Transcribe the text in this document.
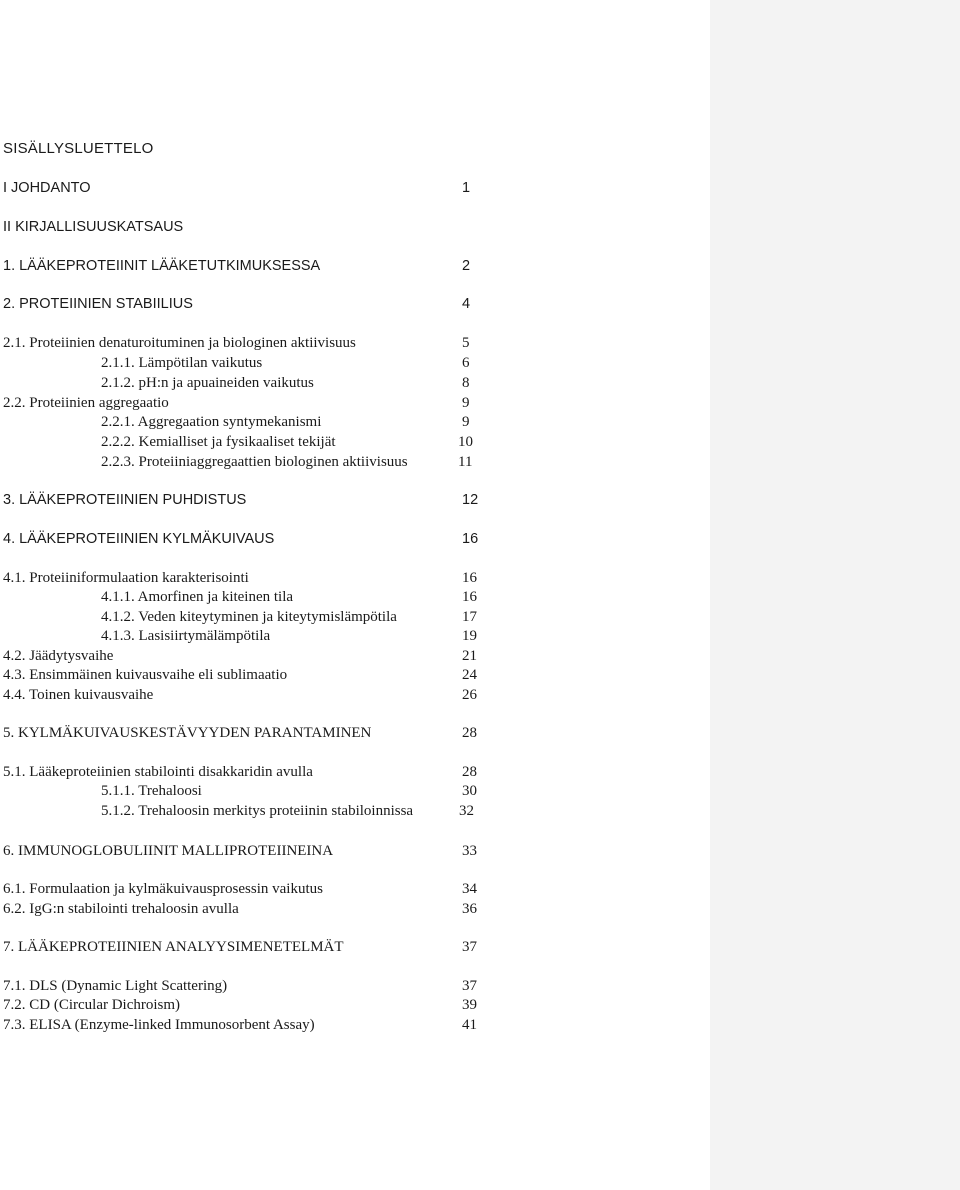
SISÄLLYSLUETTELO
I JOHDANTO	1
II KIRJALLISUUSKATSAUS
1. LÄÄKEPROTEIINIT LÄÄKETUTKIMUKSESSA	2
2. PROTEIINIEN STABIILIUS	4
2.1. Proteiinien denaturoituminen ja biologinen aktiivisuus	5
2.1.1. Lämpötilan vaikutus	6
2.1.2. pH:n ja apuaineiden vaikutus	8
2.2. Proteiinien aggregaatio	9
2.2.1. Aggregaation syntymekanismi	9
2.2.2. Kemialliset ja fysikaaliset tekijät	10
2.2.3. Proteiiniaggregaattien biologinen aktiivisuus	11
3. LÄÄKEPROTEIINIEN PUHDISTUS	12
4. LÄÄKEPROTEIINIEN KYLMÄKUIVAUS	16
4.1. Proteiiniformulaation karakterisointi	16
4.1.1. Amorfinen ja kiteinen tila	16
4.1.2. Veden kiteytyminen ja kiteytymislämpötila	17
4.1.3. Lasisiirtymälämpötila	19
4.2. Jäädytysvaihe	21
4.3. Ensimmäinen kuivausvaihe eli sublimaatio	24
4.4. Toinen kuivausvaihe	26
5. KYLMÄKUIVAUSKESTÄVYYDEN PARANTAMINEN	28
5.1. Lääkeproteiinien stabilointi disakkaridin avulla	28
5.1.1. Trehaloosi	30
5.1.2. Trehaloosin merkitys proteiinin stabiloinnissa	32
6. IMMUNOGLOBULIINIT MALLIPROTEIINEINA	33
6.1. Formulaation ja kylmäkuivausprosessin vaikutus	34
6.2. IgG:n stabilointi trehaloosin avulla	36
7. LÄÄKEPROTEIINIEN ANALYYSIMENETELMÄT	37
7.1. DLS (Dynamic Light Scattering)	37
7.2. CD (Circular Dichroism)	39
7.3. ELISA (Enzyme-linked Immunosorbent Assay)	41
